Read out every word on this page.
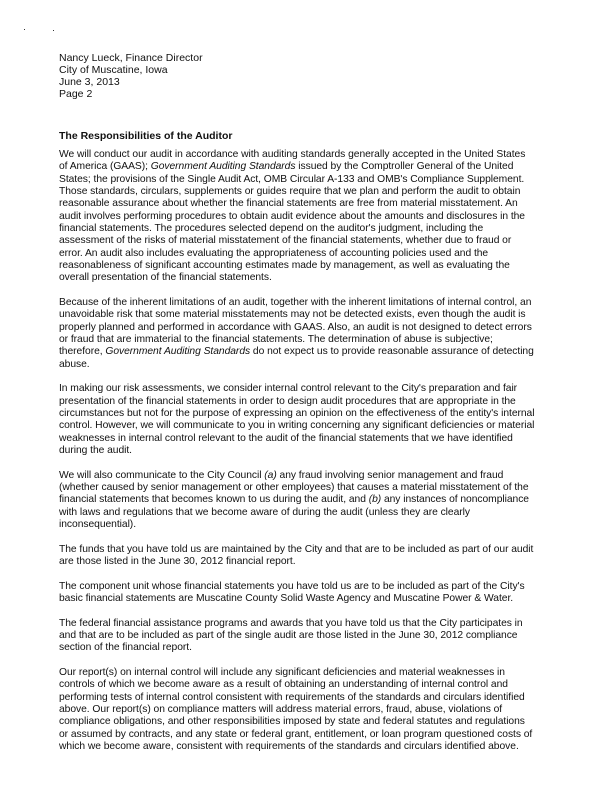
Nancy Lueck, Finance Director
City of Muscatine, Iowa
June 3, 2013
Page 2
The Responsibilities of the Auditor
We will conduct our audit in accordance with auditing standards generally accepted in the United States
of America (GAAS); Government Auditing Standards issued by the Comptroller General of the United
States; the provisions of the Single Audit Act, OMB Circular A-133 and OMB's Compliance Supplement.
Those standards, circulars, supplements or guides require that we plan and perform the audit to obtain
reasonable assurance about whether the financial statements are free from material misstatement. An
audit involves performing procedures to obtain audit evidence about the amounts and disclosures in the
financial statements. The procedures selected depend on the auditor's judgment, including the
assessment of the risks of material misstatement of the financial statements, whether due to fraud or
error. An audit also includes evaluating the appropriateness of accounting policies used and the
reasonableness of significant accounting estimates made by management, as well as evaluating the
overall presentation of the financial statements.
Because of the inherent limitations of an audit, together with the inherent limitations of internal control, an
unavoidable risk that some material misstatements may not be detected exists, even though the audit is
properly planned and performed in accordance with GAAS. Also, an audit is not designed to detect errors
or fraud that are immaterial to the financial statements. The determination of abuse is subjective;
therefore, Government Auditing Standards do not expect us to provide reasonable assurance of detecting
abuse.
In making our risk assessments, we consider internal control relevant to the City's preparation and fair
presentation of the financial statements in order to design audit procedures that are appropriate in the
circumstances but not for the purpose of expressing an opinion on the effectiveness of the entity's internal
control. However, we will communicate to you in writing concerning any significant deficiencies or material
weaknesses in internal control relevant to the audit of the financial statements that we have identified
during the audit.
We will also communicate to the City Council (a) any fraud involving senior management and fraud
(whether caused by senior management or other employees) that causes a material misstatement of the
financial statements that becomes known to us during the audit, and (b) any instances of noncompliance
with laws and regulations that we become aware of during the audit (unless they are clearly
inconsequential).
The funds that you have told us are maintained by the City and that are to be included as part of our audit
are those listed in the June 30, 2012 financial report.
The component unit whose financial statements you have told us are to be included as part of the City's
basic financial statements are Muscatine County Solid Waste Agency and Muscatine Power & Water.
The federal financial assistance programs and awards that you have told us that the City participates in
and that are to be included as part of the single audit are those listed in the June 30, 2012 compliance
section of the financial report.
Our report(s) on internal control will include any significant deficiencies and material weaknesses in
controls of which we become aware as a result of obtaining an understanding of internal control and
performing tests of internal control consistent with requirements of the standards and circulars identified
above. Our report(s) on compliance matters will address material errors, fraud, abuse, violations of
compliance obligations, and other responsibilities imposed by state and federal statutes and regulations
or assumed by contracts, and any state or federal grant, entitlement, or loan program questioned costs of
which we become aware, consistent with requirements of the standards and circulars identified above.
